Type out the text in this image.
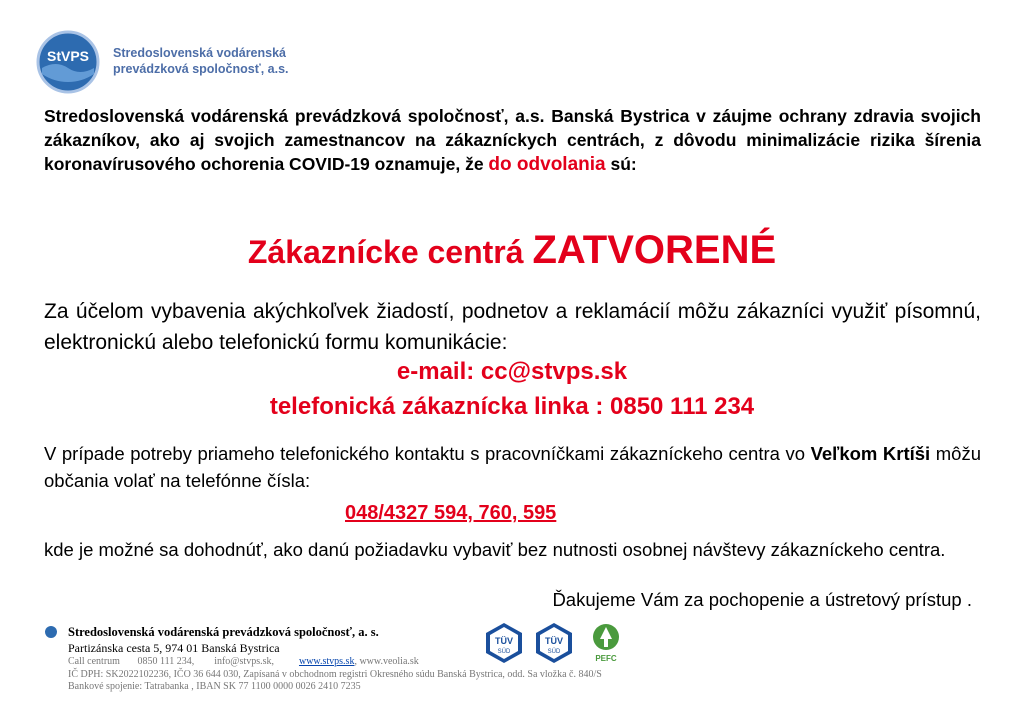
StVPS Stredoslovenská vodárenská
prevádzková spoločnosť, a.s.
Stredoslovenská vodárenská prevádzková spoločnosť, a.s. Banská Bystrica v záujme ochrany zdravia svojich zákazníkov, ako aj svojich zamestnancov na zákazníckych centrách, z dôvodu minimalizácie rizika šírenia koronavírusového ochorenia COVID-19 oznamuje, že do odvolania sú:
Zákaznícke centrá ZATVORENÉ
Za účelom vybavenia akýchkoľvek žiadostí, podnetov a reklamácií môžu zákazníci využiť písomnú, elektronickú alebo telefonickú formu komunikácie:
e-mail: cc@stvps.sk
telefonická zákaznícka linka : 0850 111 234
V prípade potreby priameho telefonického kontaktu s pracovníčkami zákazníckeho centra vo Veľkom Krtíši môžu občania volať na telefónne čísla:
048/4327 594, 760, 595
kde je možné sa dohodnúť, ako danú požiadavku vybaviť bez nutnosti osobnej návštevy zákazníckeho centra.
Ďakujeme Vám za pochopenie a ústretový prístup .
Stredoslovenská vodárenská prevádzková spoločnosť, a. s.
Partizánska cesta 5, 974 01 Banská Bystrica
Call centrum 0850 111 234, info@stvps.sk,	www.stvps.sk, www.veolia.sk
IČ DPH: SK2022102236, IČO 36 644 030, Zapísaná v obchodnom registri Okresného súdu Banská Bystrica, odd. Sa vložka č. 840/S
Bankové spojenie: Tatrabanka , IBAN SK 77 1100 0000 0026 2410 7235
TÜV
SÜD
TÜV
SÜD
PEFC
